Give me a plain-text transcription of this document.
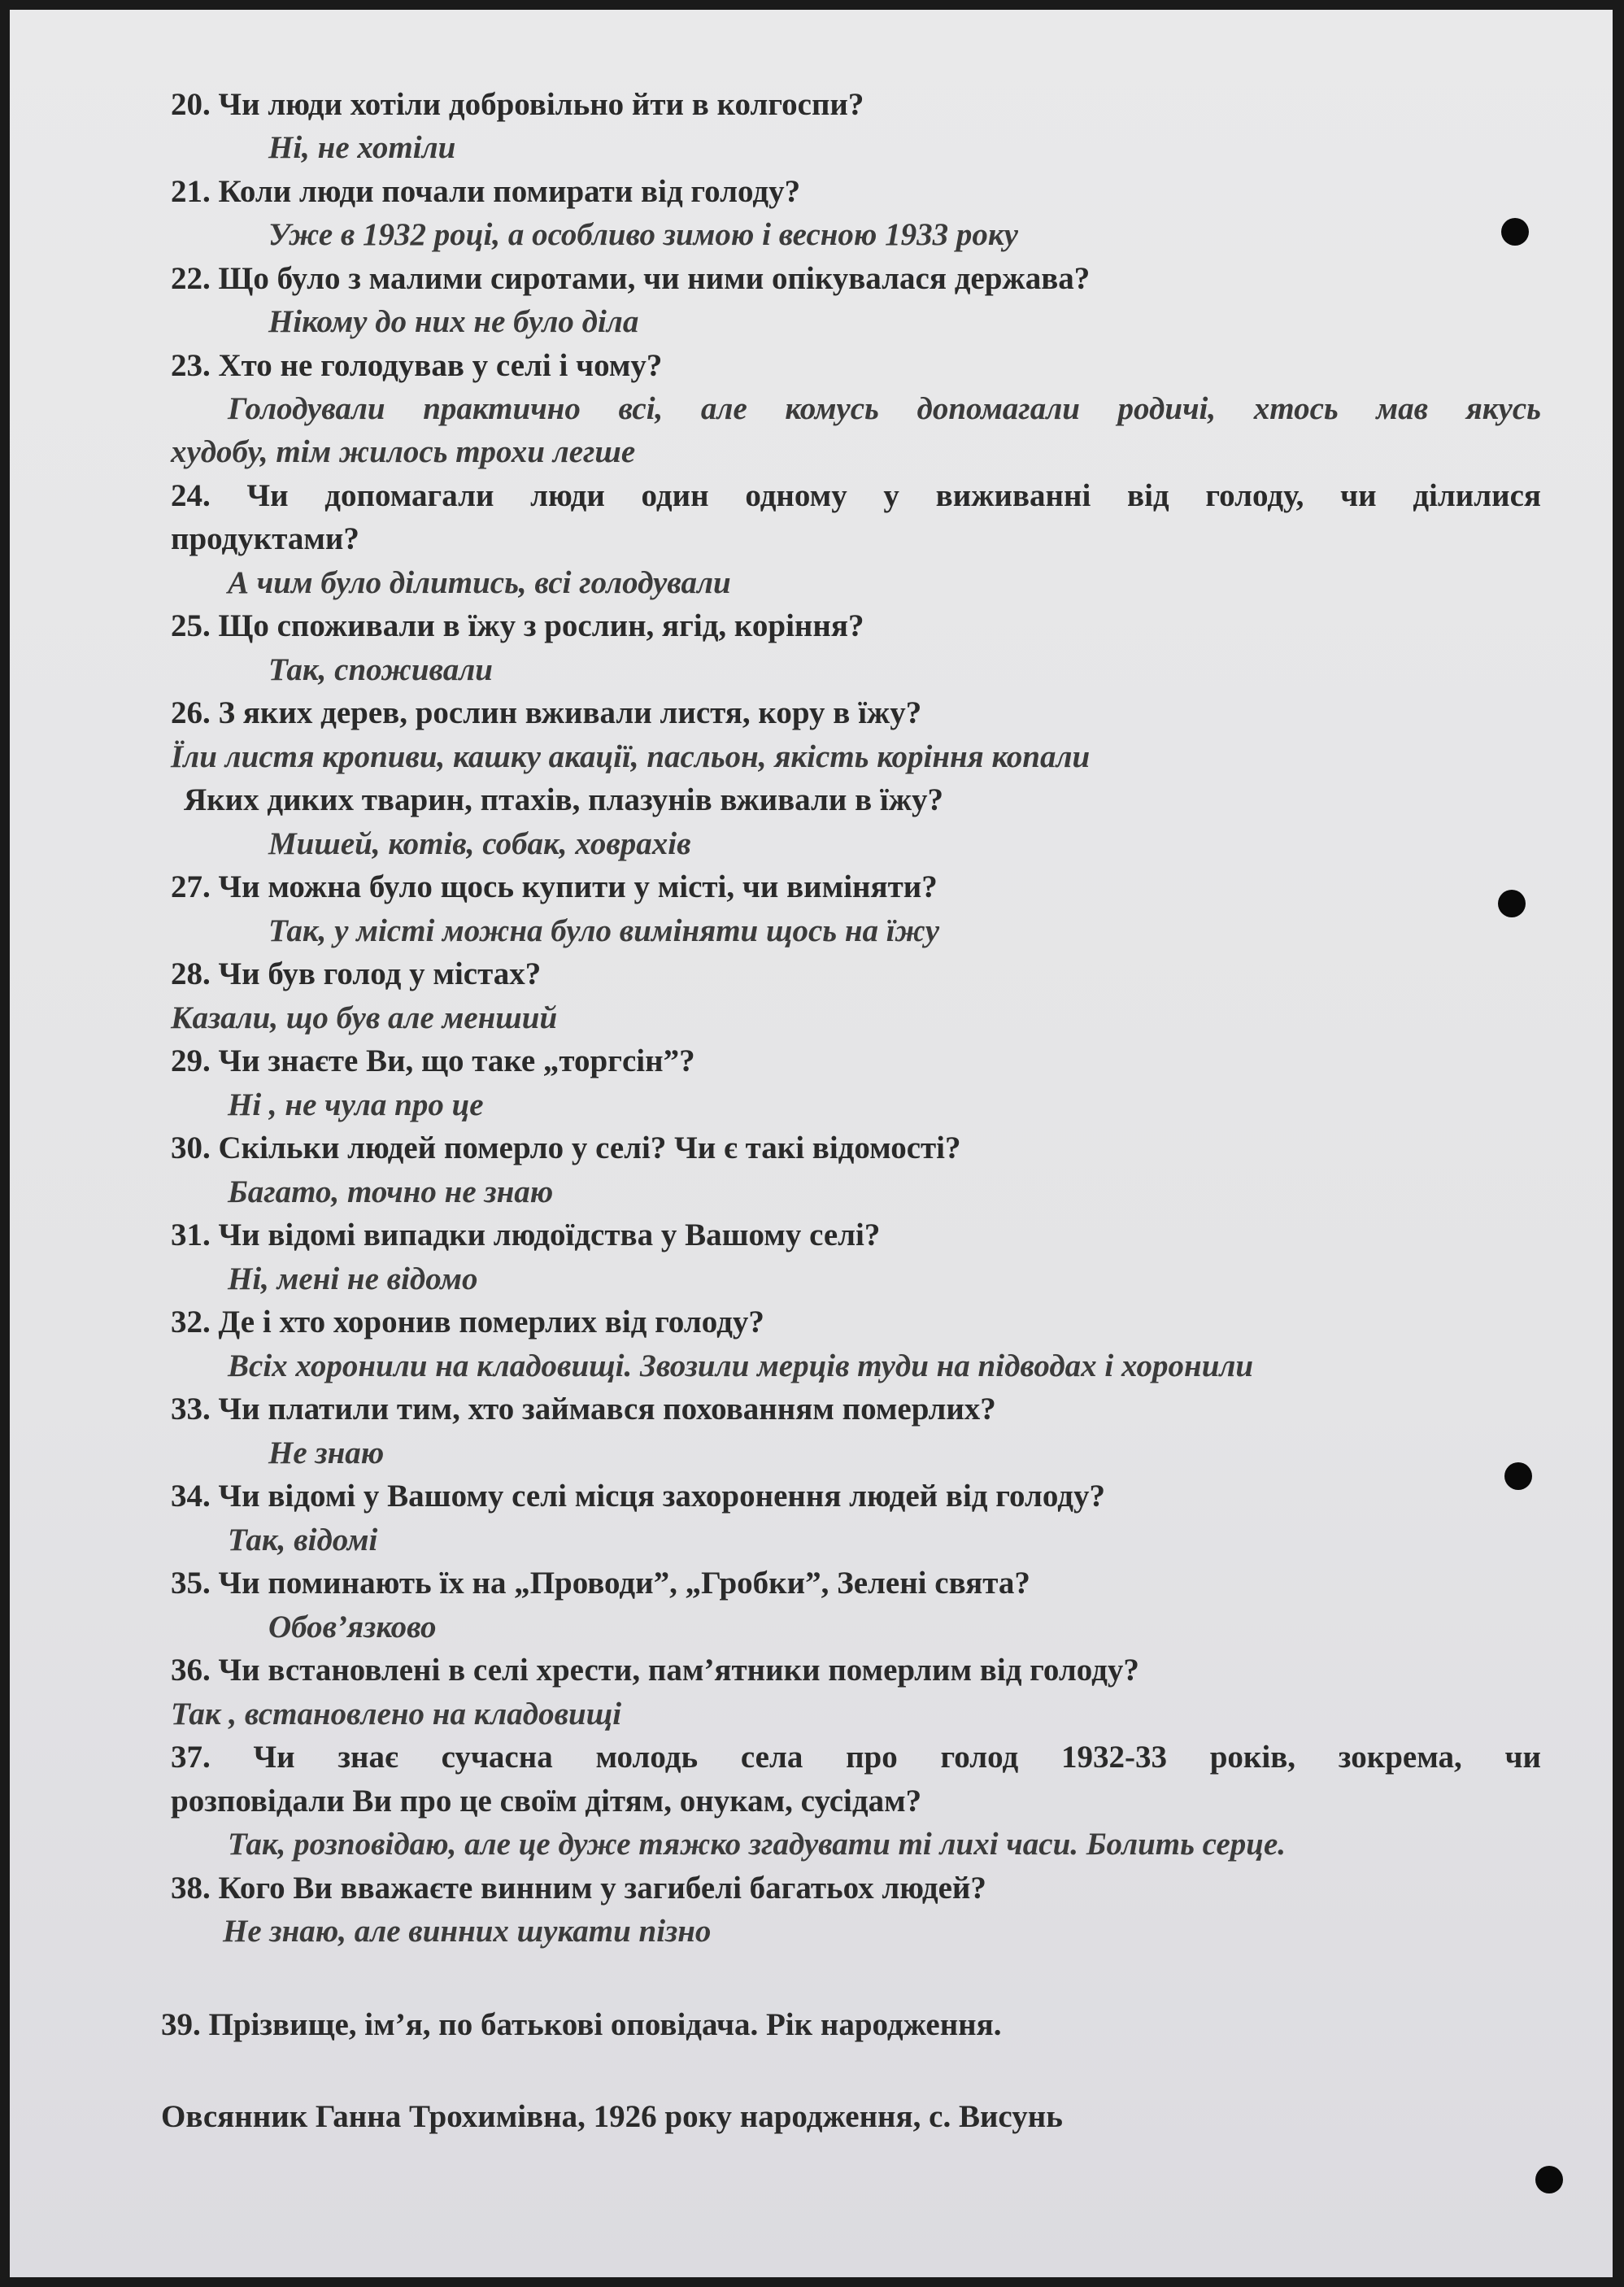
20. Чи люди хотіли добровільно йти в колгоспи?
Ні, не хотіли
21. Коли люди почали помирати від голоду?
Уже в 1932 році, а особливо зимою і весною 1933 року
22. Що було з малими сиротами, чи ними опікувалася держава?
Нікому до них не було діла
23. Хто не голодував у селі і чому?
Голодували практично всі, але комусь допомагали родичі, хтось мав якусь
худобу, тім жилось трохи легше
24. Чи допомагали люди один одному у виживанні від голоду, чи ділилися
продуктами?
А чим було ділитись, всі голодували
25. Що споживали в їжу з рослин, ягід, коріння?
Так, споживали
26. З яких дерев, рослин вживали листя, кору в їжу?
Їли листя кропиви, кашку акації, пасльон, якість коріння копали
Яких диких тварин, птахів, плазунів вживали в їжу?
Мишей, котів, собак, ховрахів
27. Чи можна було щось купити у місті, чи виміняти?
Так, у місті можна було виміняти щось на їжу
28. Чи був голод у містах?
Казали, що був але менший
29. Чи знаєте Ви, що таке „торгсін”?
Ні , не чула про це
30. Скільки людей померло у селі? Чи є такі відомості?
Багато, точно не знаю
31. Чи відомі випадки людоїдства у Вашому селі?
Ні, мені не відомо
32. Де і хто хоронив померлих від голоду?
Всіх хоронили на кладовищі. Звозили мерців туди на підводах і хоронили
33. Чи платили тим, хто займався похованням померлих?
Не знаю
34. Чи відомі у Вашому селі місця захоронення людей від голоду?
Так, відомі
35. Чи поминають їх на „Проводи”, „Гробки”, Зелені свята?
Обов’язково
36. Чи встановлені в селі хрести, пам’ятники померлим від голоду?
Так , встановлено на кладовищі
37. Чи знає сучасна молодь села про голод 1932-33 років, зокрема, чи
розповідали Ви про це своїм дітям, онукам, сусідам?
Так, розповідаю, але це дуже тяжко згадувати ті лихі часи. Болить серце.
38. Кого Ви вважаєте винним у загибелі багатьох людей?
Не знаю, але винних шукати пізно
39. Прізвище, ім’я, по батькові оповідача. Рік народження.
Овсянник Ганна Трохимівна, 1926 року народження, с. Висунь
